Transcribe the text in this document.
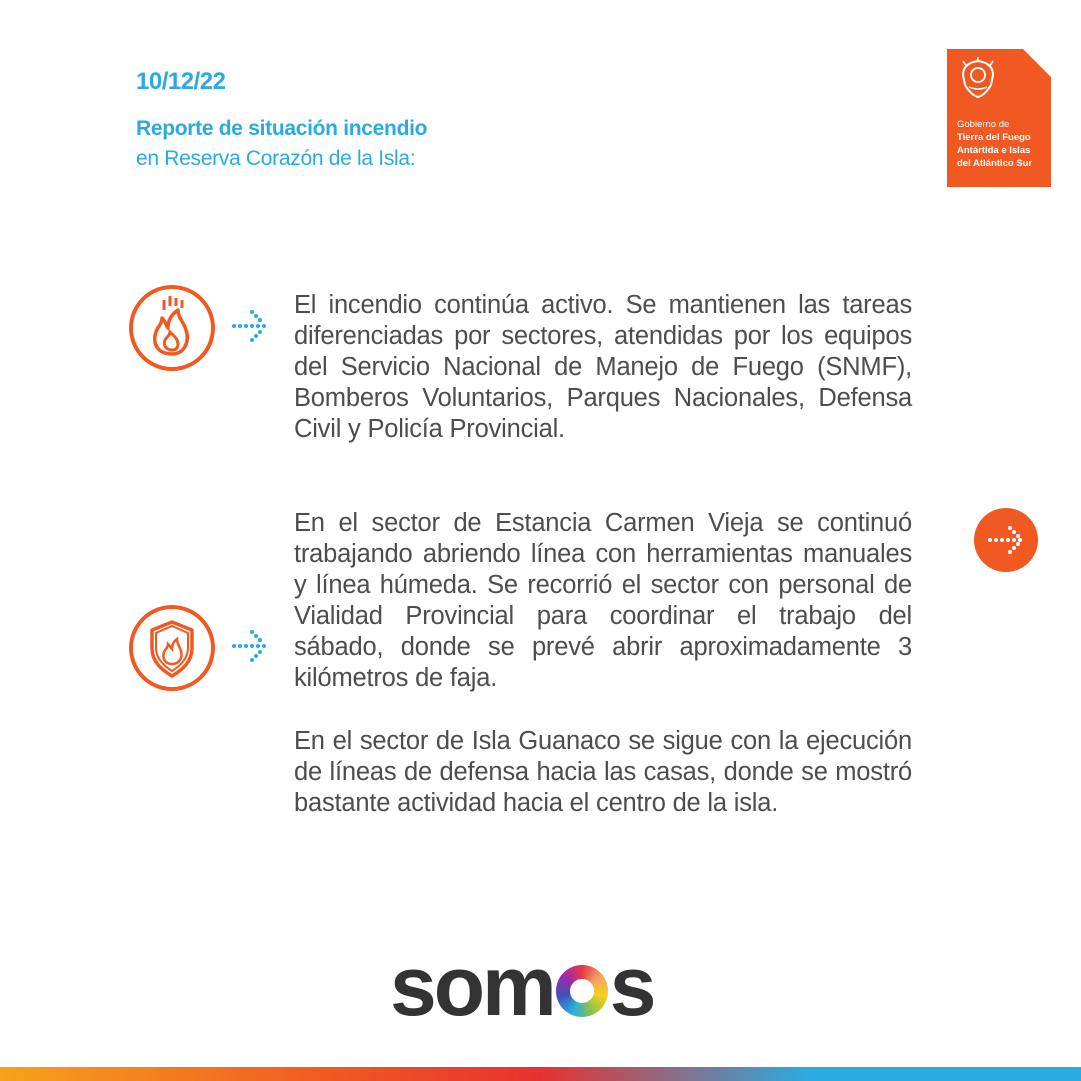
10/12/22
Reporte de situación incendio
en Reserva Corazón de la Isla:
Gobierno de
Tierra del Fuego
Antártida e Islas
del Atlántico Sur
El incendio continúa activo. Se mantienen las tareas diferenciadas por sectores, atendidas por los equipos del Servicio Nacional de Manejo de Fuego (SNMF), Bomberos Voluntarios, Parques Nacionales, Defensa Civil y Policía Provincial.
En el sector de Estancia Carmen Vieja se continuó trabajando abriendo línea con herramientas manuales y línea húmeda. Se recorrió el sector con personal de Vialidad Provincial para coordinar el trabajo del sábado, donde se prevé abrir aproximadamente 3 kilómetros de faja.
En el sector de Isla Guanaco se sigue con la ejecución de líneas de defensa hacia las casas, donde se mostró bastante actividad hacia el centro de la isla.
som s
